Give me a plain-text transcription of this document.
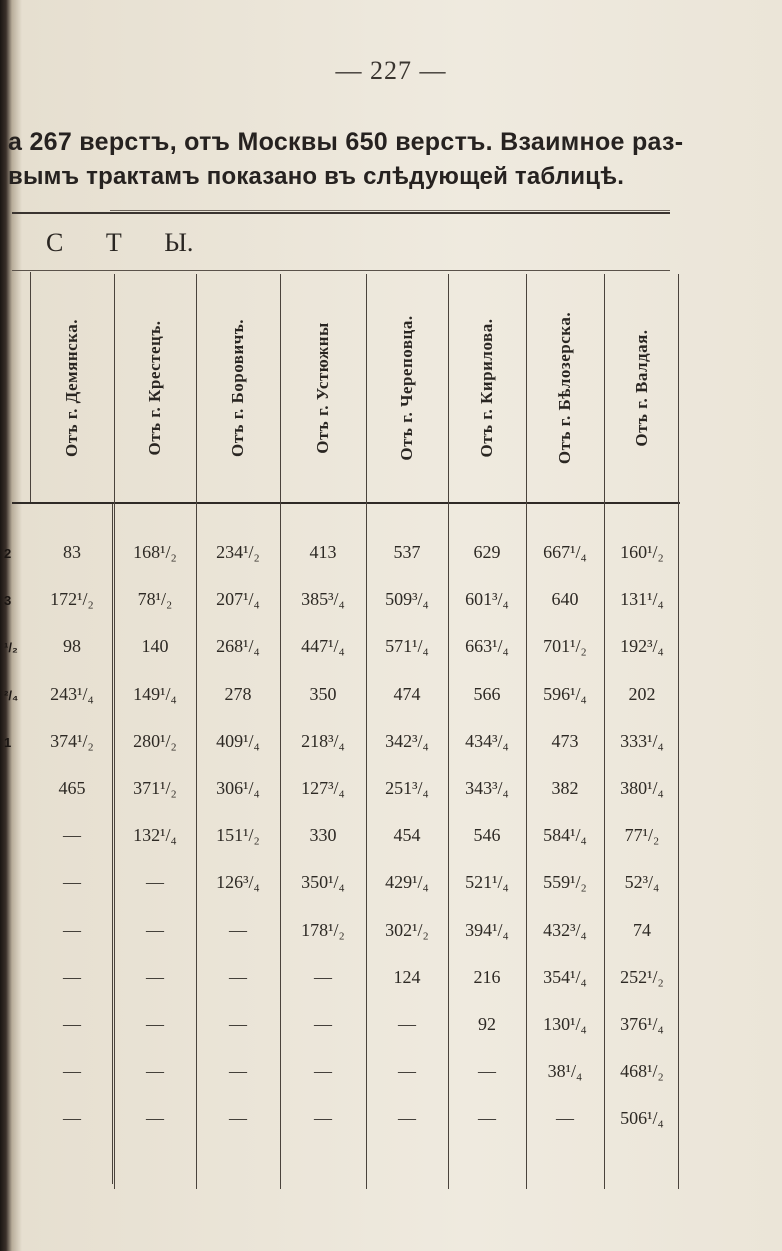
— 227 —
а 267 верстъ, отъ Москвы 650 верстъ. Взаимное раз-
вымъ трактамъ показано въ слѣдующей таблицѣ.
С Т Ы.
Отъ г. Демянска.	Отъ г. Крестецъ.	Отъ г. Боровичъ.	Отъ г. Устюжны	Отъ г. Череповца.	Отъ г. Кирилова.	Отъ г. Бѣлозерска.	Отъ г. Валдая.
83	168¹/₂	234¹/₂	413	537	629	667¹/₄	160¹/₂
172¹/₂	78¹/₂	207¹/₄	385³/₄	509³/₄	601³/₄	640	131¹/₄
98	140	268¹/₄	447¹/₄	571¹/₄	663¹/₄	701¹/₂	192³/₄
243¹/₄	149¹/₄	278	350	474	566	596¹/₄	202
374¹/₂	280¹/₂	409¹/₄	218³/₄	342³/₄	434³/₄	473	333¹/₄
465	371¹/₂	306¹/₄	127³/₄	251³/₄	343³/₄	382	380¹/₄
—	132¹/₄	151¹/₂	330	454	546	584¹/₄	77¹/₂
—	—	126³/₄	350¹/₄	429¹/₄	521¹/₄	559¹/₂	52³/₄
—	—	—	178¹/₂	302¹/₂	394¹/₄	432³/₄	74
—	—	—	—	124	216	354¹/₄	252¹/₂
—	—	—	—	—	92	130¹/₄	376¹/₄
—	—	—	—	—	—	38¹/₄	468¹/₂
—	—	—	—	—	—	—	506¹/₄
2
3
¹/₂
²/₄
1
